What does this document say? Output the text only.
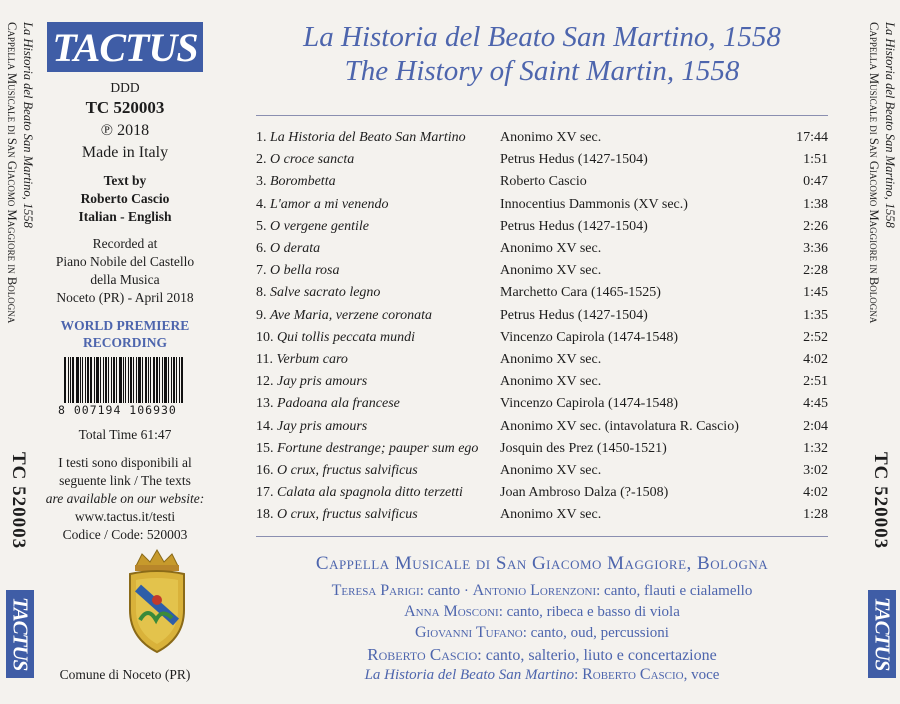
La Historia del Beato San Martino, 1558
Cappella Musicale di San Giacomo Maggiore in Bologna
TC 520003
TACTUS
La Historia del Beato San Martino, 1558
Cappella Musicale di San Giacomo Maggiore in Bologna
TC 520003
TACTUS
TACTUS
DDD
TC 520003
℗ 2018
Made in Italy
Text by
Roberto Cascio
Italian - English
Recorded at
Piano Nobile del Castello
della Musica
Noceto (PR) - April 2018
WORLD PREMIERE
RECORDING
8 007194 106930
Total Time 61:47
I testi sono disponibili al
seguente link / The texts
are available on our website:
www.tactus.it/testi
Codice / Code: 520003
Comune di Noceto (PR)
La Historia del Beato San Martino, 1558
The History of Saint Martin, 1558
1. La Historia del Beato San Martino	Anonimo XV sec.	17:44
2. O croce sancta	Petrus Hedus (1427-1504)	1:51
3. Borombetta	Roberto Cascio	0:47
4. L'amor a mi venendo	Innocentius Dammonis (XV sec.)	1:38
5. O vergene gentile	Petrus Hedus (1427-1504)	2:26
6. O derata	Anonimo XV sec.	3:36
7. O bella rosa	Anonimo XV sec.	2:28
8. Salve sacrato legno	Marchetto Cara (1465-1525)	1:45
9. Ave Maria, verzene coronata	Petrus Hedus (1427-1504)	1:35
10. Qui tollis peccata mundi	Vincenzo Capirola (1474-1548)	2:52
11. Verbum caro	Anonimo XV sec.	4:02
12. Jay pris amours	Anonimo XV sec.	2:51
13. Padoana ala francese	Vincenzo Capirola (1474-1548)	4:45
14. Jay pris amours	Anonimo XV sec. (intavolatura R. Cascio)	2:04
15. Fortune destrange; pauper sum ego	Josquin des Prez (1450-1521)	1:32
16. O crux, fructus salvificus	Anonimo XV sec.	3:02
17. Calata ala spagnola ditto terzetti	Joan Ambroso Dalza (?-1508)	4:02
18. O crux, fructus salvificus	Anonimo XV sec.	1:28
Cappella Musicale di San Giacomo Maggiore, Bologna
Teresa Parigi: canto · Antonio Lorenzoni: canto, flauti e cialamello
Anna Mosconi: canto, ribeca e basso di viola
Giovanni Tufano: canto, oud, percussioni
Roberto Cascio: canto, salterio, liuto e concertazione
La Historia del Beato San Martino: Roberto Cascio, voce
